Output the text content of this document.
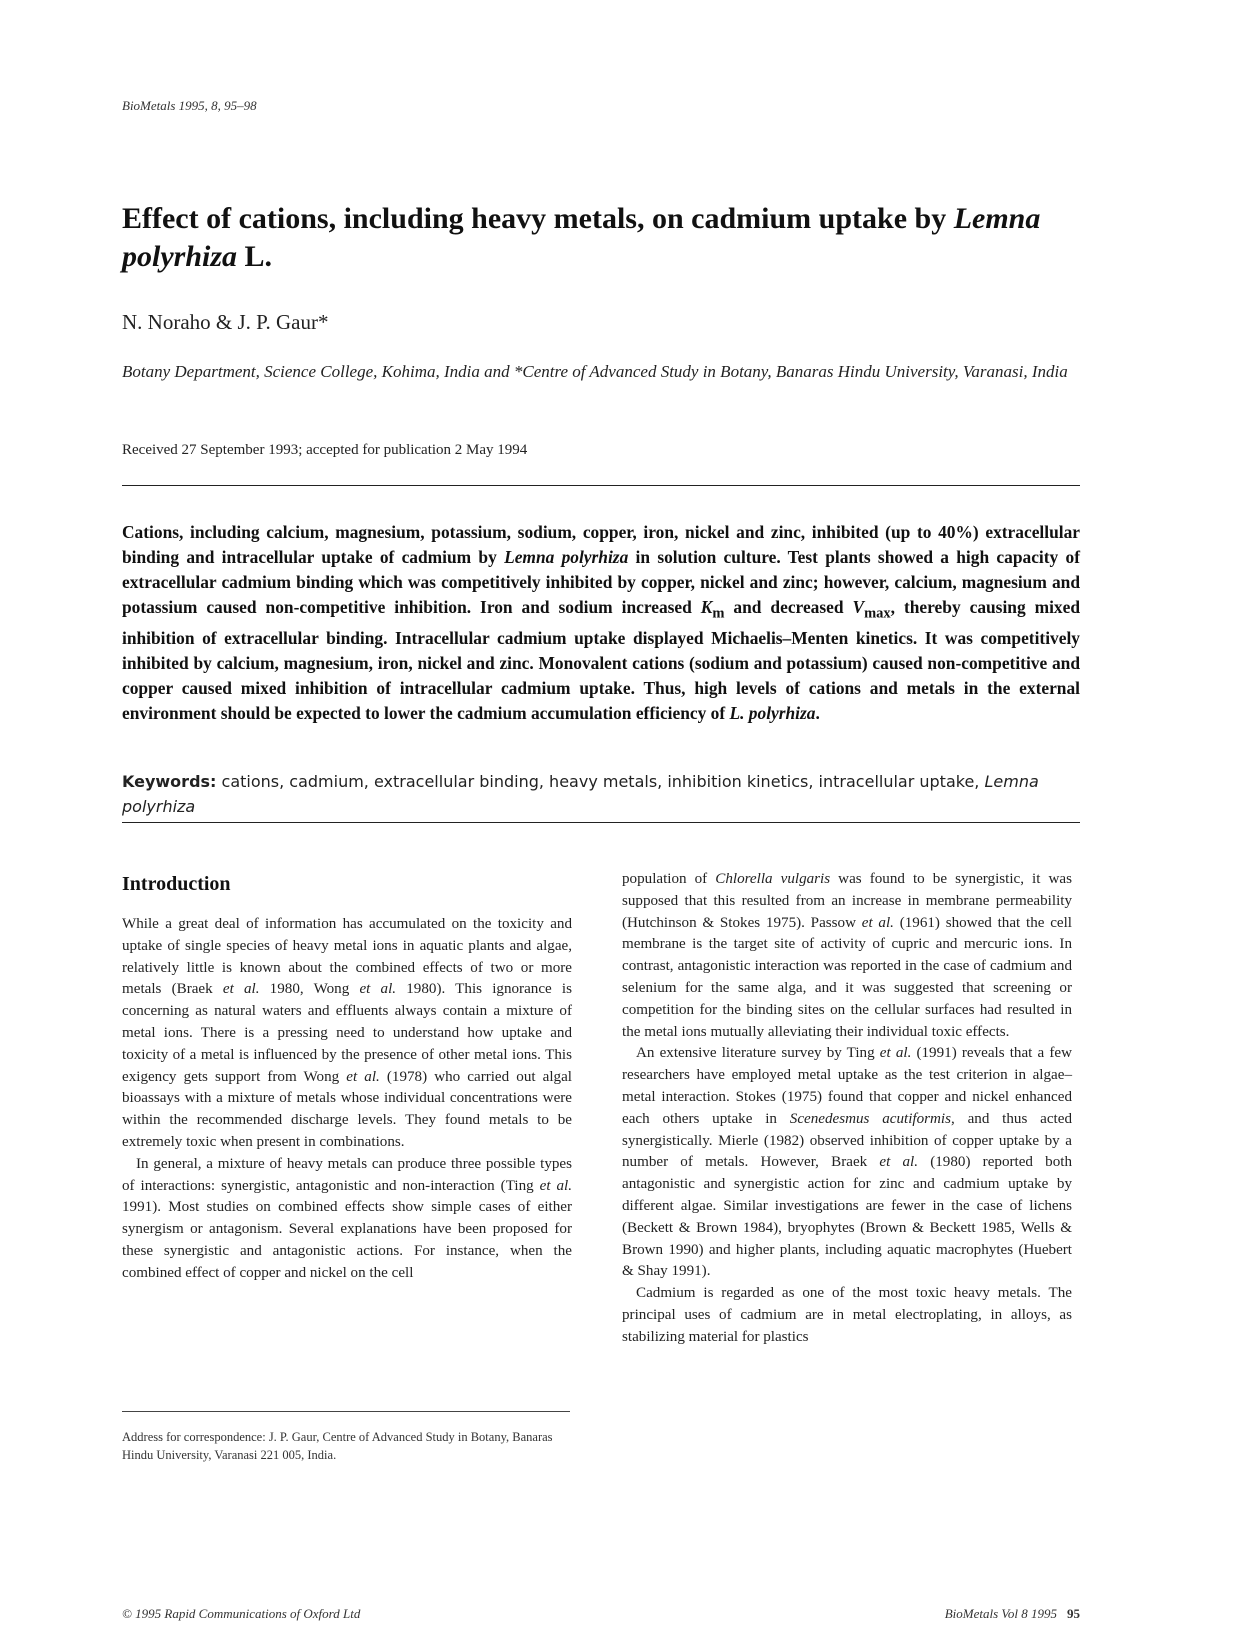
BioMetals 1995, 8, 95–98
Effect of cations, including heavy metals, on cadmium uptake by Lemna polyrhiza L.
N. Noraho & J. P. Gaur*
Botany Department, Science College, Kohima, India and *Centre of Advanced Study in Botany, Banaras Hindu University, Varanasi, India
Received 27 September 1993; accepted for publication 2 May 1994
Cations, including calcium, magnesium, potassium, sodium, copper, iron, nickel and zinc, inhibited (up to 40%) extracellular binding and intracellular uptake of cadmium by Lemna polyrhiza in solution culture. Test plants showed a high capacity of extracellular cadmium binding which was competitively inhibited by copper, nickel and zinc; however, calcium, magnesium and potassium caused non-competitive inhibition. Iron and sodium increased $K_m$ and decreased $V_{max}$, thereby causing mixed inhibition of extracellular binding. Intracellular cadmium uptake displayed Michaelis–Menten kinetics. It was competitively inhibited by calcium, magnesium, iron, nickel and zinc. Monovalent cations (sodium and potassium) caused non-competitive and copper caused mixed inhibition of intracellular cadmium uptake. Thus, high levels of cations and metals in the external environment should be expected to lower the cadmium accumulation efficiency of L. polyrhiza.
Keywords: cations, cadmium, extracellular binding, heavy metals, inhibition kinetics, intracellular uptake, Lemna polyrhiza
Introduction

While a great deal of information has accumulated on the toxicity and uptake of single species of heavy metal ions in aquatic plants and algae, relatively little is known about the combined effects of two or more metals (Braek et al. 1980, Wong et al. 1980). This ignorance is concerning as natural waters and effluents always contain a mixture of metal ions. There is a pressing need to understand how uptake and toxicity of a metal is influenced by the presence of other metal ions. This exigency gets support from Wong et al. (1978) who carried out algal bioassays with a mixture of metals whose individual concentrations were within the recommended discharge levels. They found metals to be extremely toxic when present in combinations.

In general, a mixture of heavy metals can produce three possible types of interactions: synergistic, antagonistic and non-interaction (Ting et al. 1991). Most studies on combined effects show simple cases of either synergism or antagonism. Several explanations have been proposed for these synergistic and antagonistic actions. For instance, when the combined effect of copper and nickel on the cell

Address for correspondence: J. P. Gaur, Centre of Advanced Study in Botany, Banaras Hindu University, Varanasi 221 005, India.

population of Chlorella vulgaris was found to be synergistic, it was supposed that this resulted from an increase in membrane permeability (Hutchinson & Stokes 1975). Passow et al. (1961) showed that the cell membrane is the target site of activity of cupric and mercuric ions. In contrast, antagonistic interaction was reported in the case of cadmium and selenium for the same alga, and it was suggested that screening or competition for the binding sites on the cellular surfaces had resulted in the metal ions mutually alleviating their individual toxic effects.

An extensive literature survey by Ting et al. (1991) reveals that a few researchers have employed metal uptake as the test criterion in algae–metal interaction. Stokes (1975) found that copper and nickel enhanced each others uptake in Scenedesmus acutiformis, and thus acted synergistically. Mierle (1982) observed inhibition of copper uptake by a number of metals. However, Braek et al. (1980) reported both antagonistic and synergistic action for zinc and cadmium uptake by different algae. Similar investigations are fewer in the case of lichens (Beckett & Brown 1984), bryophytes (Brown & Beckett 1985, Wells & Brown 1990) and higher plants, including aquatic macrophytes (Huebert & Shay 1991).

Cadmium is regarded as one of the most toxic heavy metals. The principal uses of cadmium are in metal electroplating, in alloys, as stabilizing material for plastics

© 1995 Rapid Communications of Oxford Ltd	BioMetals Vol 8 1995 95
